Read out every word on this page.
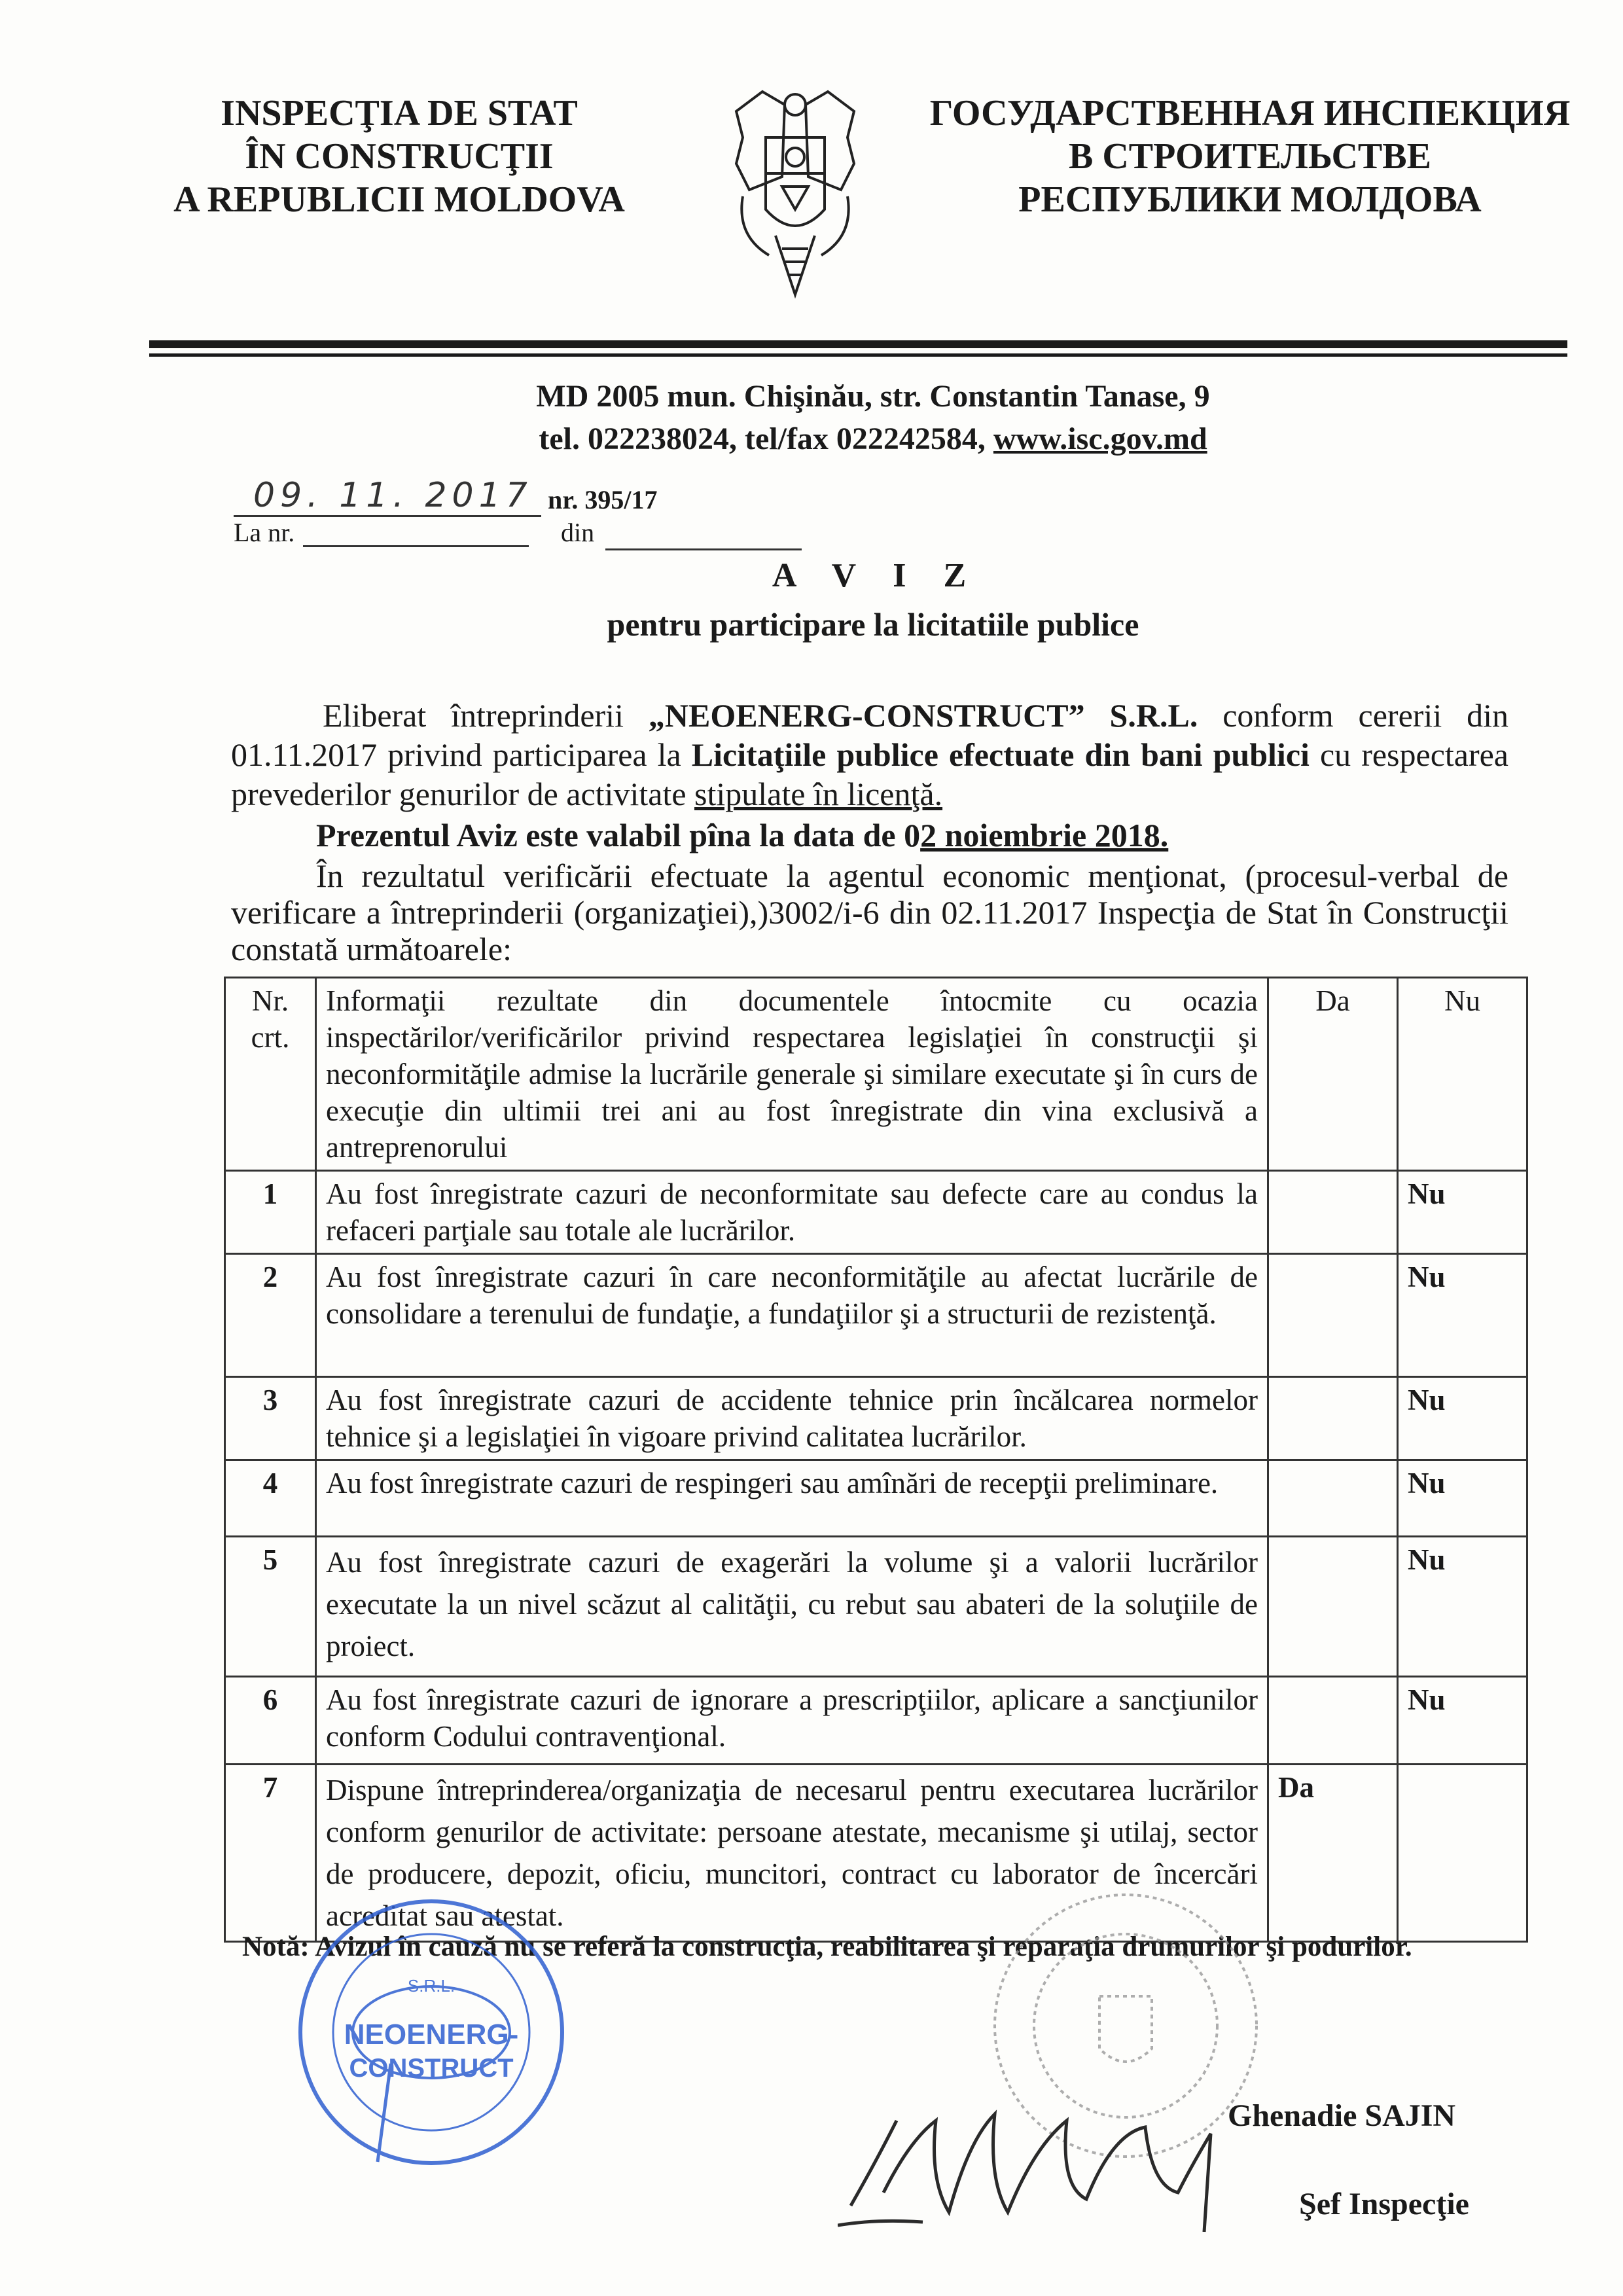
INSPECŢIA DE STAT
ÎN CONSTRUCŢII
A REPUBLICII MOLDOVA
ГОСУДАРСТВЕННАЯ ИНСПЕКЦИЯ
В СТРОИТЕЛЬСТВЕ
РЕСПУБЛИКИ МОЛДОВА
MD 2005 mun. Chişinău, str. Constantin Tanase, 9
tel. 022238024, tel/fax 022242584, www.isc.gov.md
09. 11. 2017 nr. 395/17
La nr.	din
A V I Z
pentru participare la licitatiile publice
Eliberat întreprinderii „NEOENERG-CONSTRUCT” S.R.L. conform cererii din 01.11.2017 privind participarea la Licitaţiile publice efectuate din bani publici cu respectarea prevederilor genurilor de activitate stipulate în licenţă.
Prezentul Aviz este valabil pîna la data de 02 noiembrie 2018.
În rezultatul verificării efectuate la agentul economic menţionat, (procesul-verbal de verificare a întreprinderii (organizaţiei),)3002/i-6 din 02.11.2017 Inspecţia de Stat în Construcţii constată următoarele:
Nr. crt.	Informaţii rezultate din documentele întocmite cu ocazia inspectărilor/verificărilor privind respectarea legislaţiei în construcţii şi neconformităţile admise la lucrările generale şi similare executate şi în curs de execuţie din ultimii trei ani au fost înregistrate din vina exclusivă a antreprenorului	Da	Nu
1	Au fost înregistrate cazuri de neconformitate sau defecte care au condus la refaceri parţiale sau totale ale lucrărilor.		Nu
2	Au fost înregistrate cazuri în care neconformităţile au afectat lucrările de consolidare a terenului de fundaţie, a fundaţiilor şi a structurii de rezistenţă.		Nu
3	Au fost înregistrate cazuri de accidente tehnice prin încălcarea normelor tehnice şi a legislaţiei în vigoare privind calitatea lucrărilor.		Nu
4	Au fost înregistrate cazuri de respingeri sau amînări de recepţii preliminare.		Nu
5	Au fost înregistrate cazuri de exagerări la volume şi a valorii lucrărilor executate la un nivel scăzut al calităţii, cu rebut sau abateri de la soluţiile de proiect.		Nu
6	Au fost înregistrate cazuri de ignorare a prescripţiilor, aplicare a sancţiunilor conform Codului contravenţional.		Nu
7	Dispune întreprinderea/organizaţia de necesarul pentru executarea lucrărilor conform genurilor de activitate: persoane atestate, mecanisme şi utilaj, sector de producere, depozit, oficiu, muncitori, contract cu laborator de încercări acreditat sau atestat.	Da	
Notă: Avizul în cauză nu se referă la construcţia, reabilitarea şi reparaţia drumurilor şi podurilor.
NEOENERG-
CONSTRUCT
S.R.L.
Ghenadie SAJIN
Şef Inspecţie
